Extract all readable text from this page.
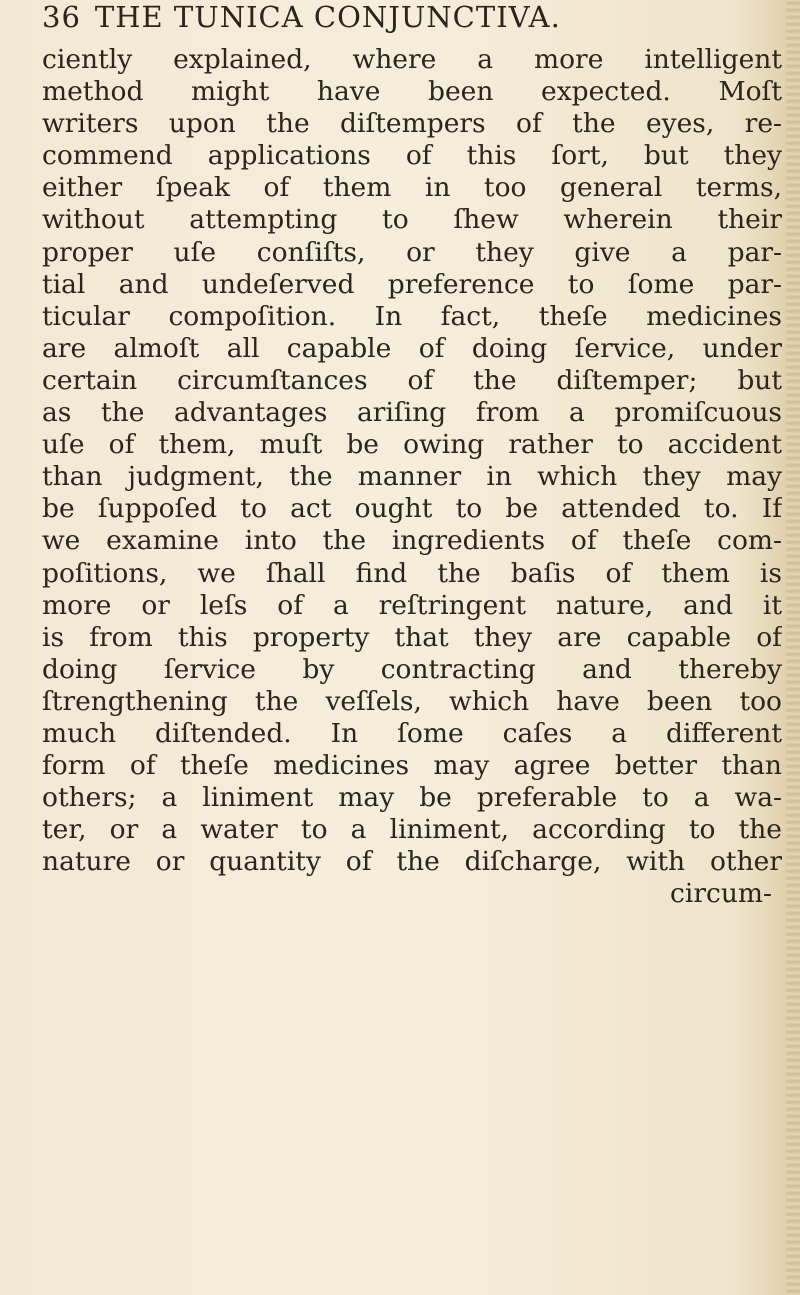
36 THE TUNICA CONJUNCTIVA.
ciently explained, where a more intelligent
method might have been expected. Moſt
writers upon the diſtempers of the eyes, re-
commend applications of this ſort, but they
either ſpeak of them in too general terms,
without attempting to ſhew wherein their
proper uſe conſiſts, or they give a par-
tial and undeſerved preference to ſome par-
ticular compoſition. In fact, theſe medicines
are almoſt all capable of doing ſervice, under
certain circumſtances of the diſtemper; but
as the advantages ariſing from a promiſcuous
uſe of them, muſt be owing rather to accident
than judgment, the manner in which they may
be ſuppoſed to act ought to be attended to. If
we examine into the ingredients of theſe com-
poſitions, we ſhall find the baſis of them is
more or leſs of a reſtringent nature, and it
is from this property that they are capable of
doing ſervice by contracting and thereby
ſtrengthening the veſſels, which have been too
much diſtended. In ſome caſes a different
form of theſe medicines may agree better than
others; a liniment may be preferable to a wa-
ter, or a water to a liniment, according to the
nature or quantity of the diſcharge, with other
circum-
